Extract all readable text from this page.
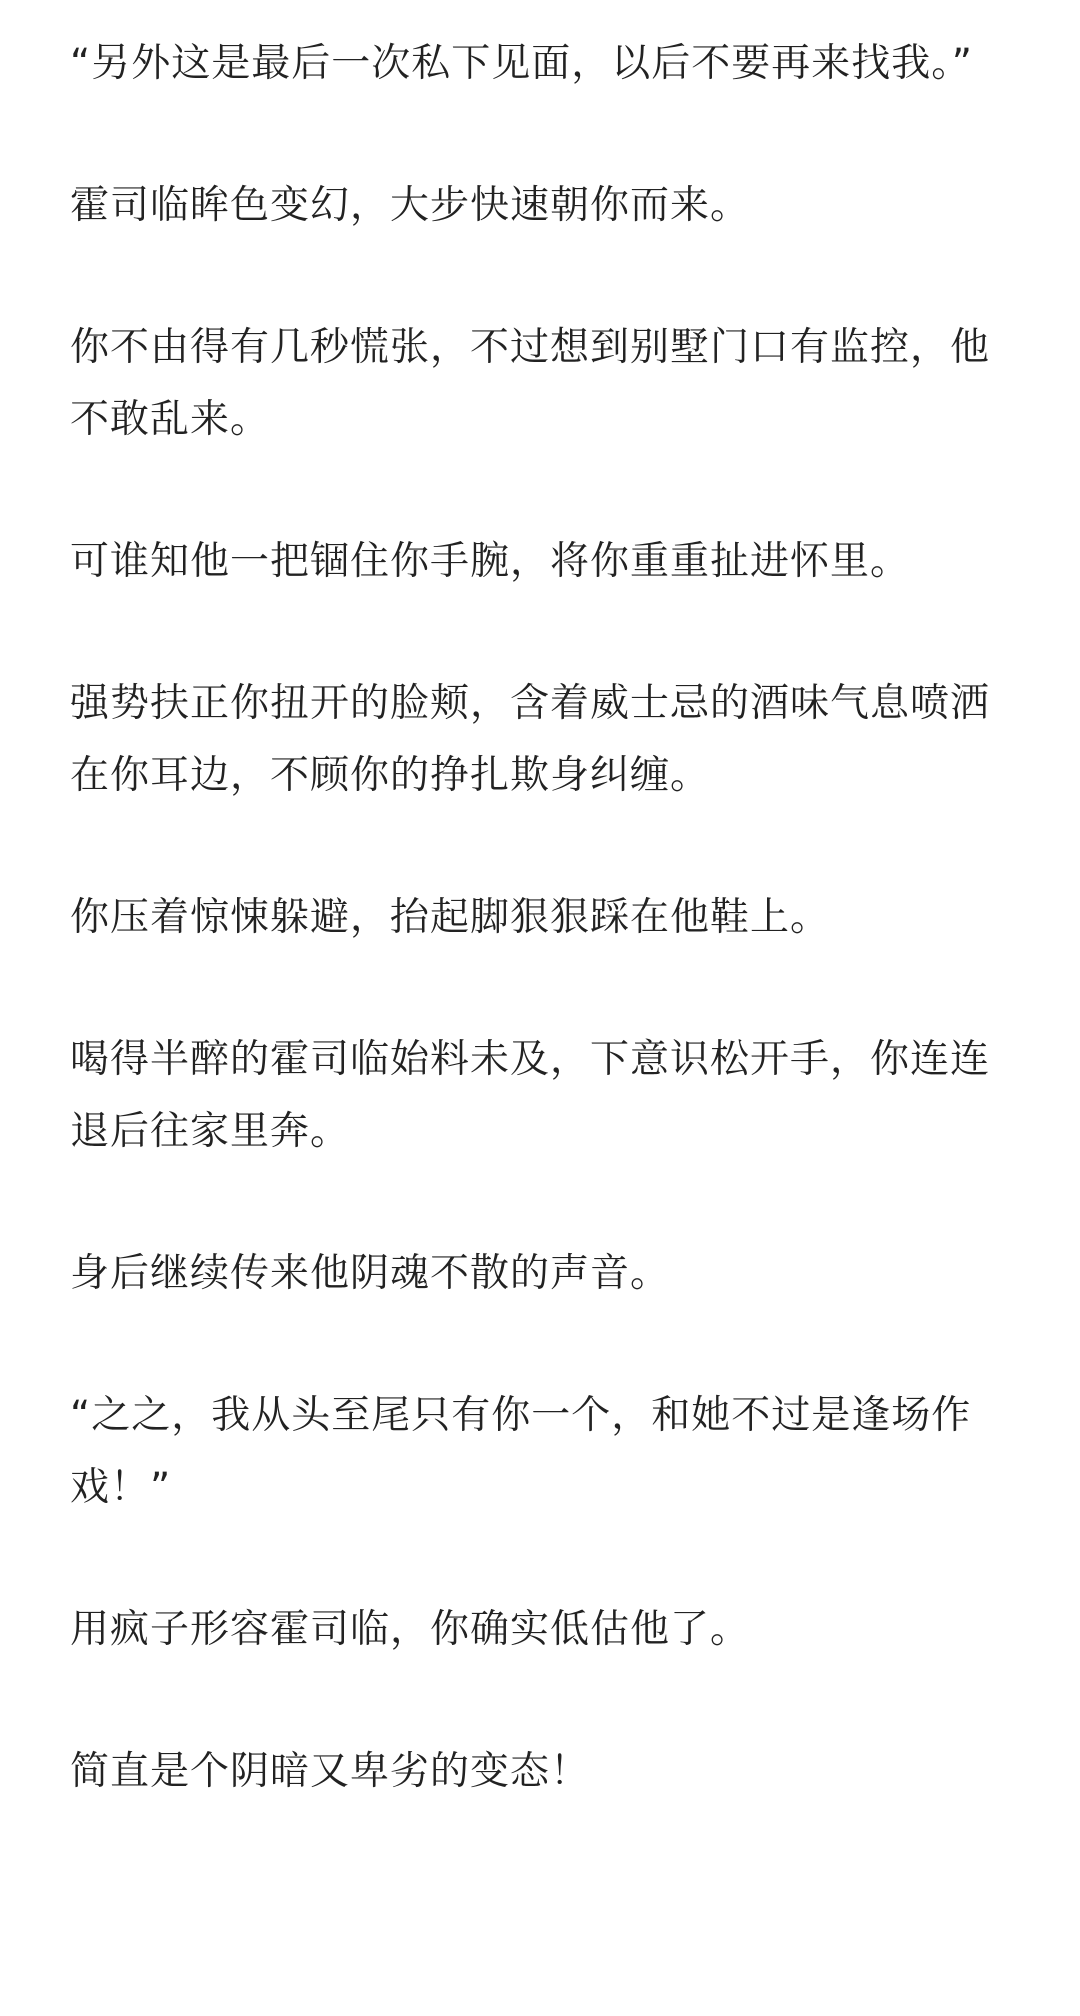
“另外这是最后一次私下见面，以后不要再来找我。”

霍司临眸色变幻，大步快速朝你而来。

你不由得有几秒慌张，不过想到别墅门口有监控，他不敢乱来。

可谁知他一把锢住你手腕，将你重重扯进怀里。

强势扶正你扭开的脸颊，含着威士忌的酒味气息喷洒在你耳边，不顾你的挣扎欺身纠缠。

你压着惊悚躲避，抬起脚狠狠踩在他鞋上。

喝得半醉的霍司临始料未及，下意识松开手，你连连退后往家里奔。

身后继续传来他阴魂不散的声音。

“之之，我从头至尾只有你一个，和她不过是逢场作戏！”

用疯子形容霍司临，你确实低估他了。

简直是个阴暗又卑劣的变态！
